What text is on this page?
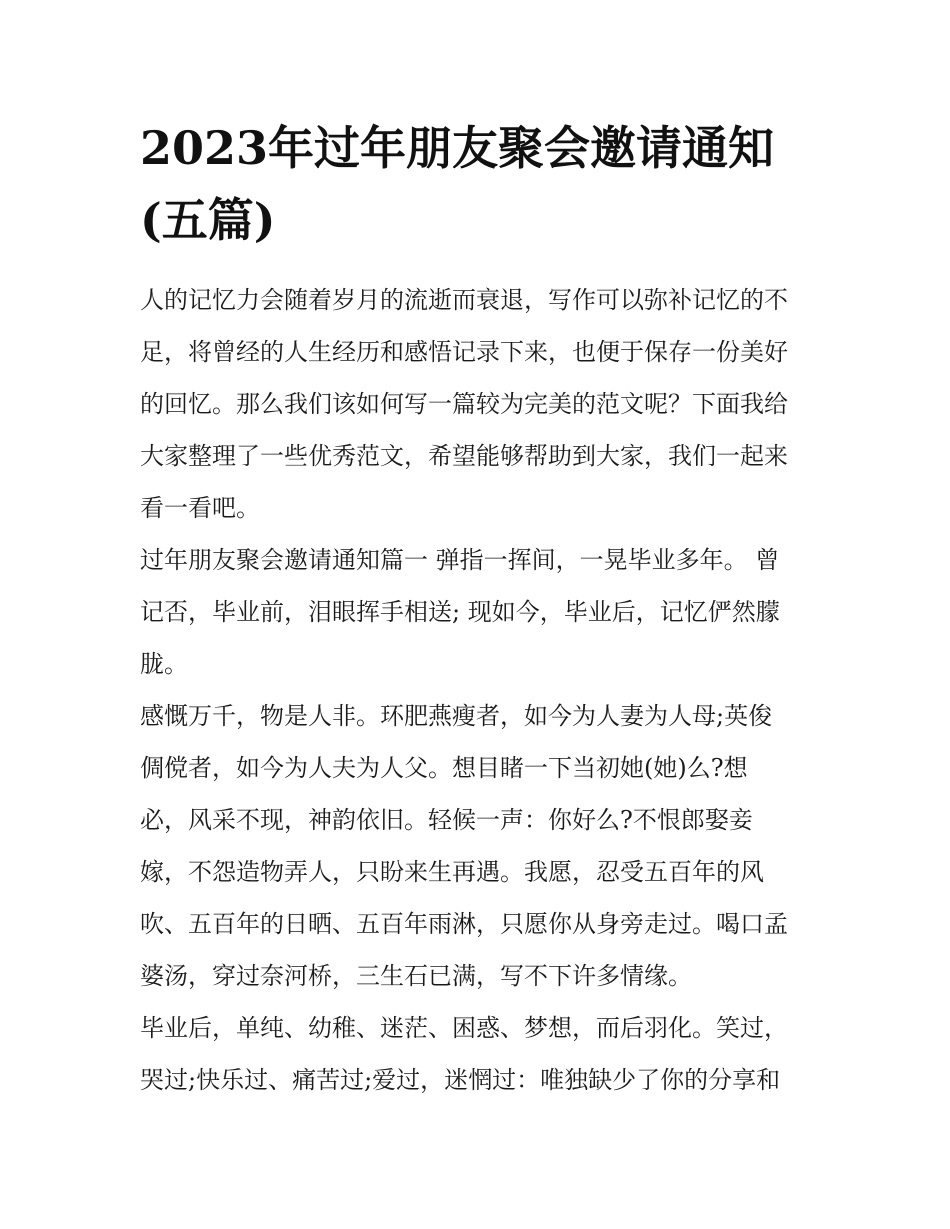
2023年过年朋友聚会邀请通知
(五篇)

人的记忆力会随着岁月的流逝而衰退，写作可以弥补记忆的不
足，将曾经的人生经历和感悟记录下来，也便于保存一份美好
的回忆。那么我们该如何写一篇较为完美的范文呢？下面我给
大家整理了一些优秀范文，希望能够帮助到大家，我们一起来
看一看吧。

过年朋友聚会邀请通知篇一 弹指一挥间，一晃毕业多年。 曾
记否，毕业前，泪眼挥手相送; 现如今，毕业后，记忆俨然朦
胧。

感慨万千，物是人非。环肥燕瘦者，如今为人妻为人母;英俊
倜傥者，如今为人夫为人父。想目睹一下当初她(她)么?想
必，风采不现，神韵依旧。轻候一声：你好么?不恨郎娶妾
嫁，不怨造物弄人，只盼来生再遇。我愿，忍受五百年的风
吹、五百年的日晒、五百年雨淋，只愿你从身旁走过。喝口孟
婆汤，穿过奈河桥，三生石已满，写不下许多情缘。

毕业后，单纯、幼稚、迷茫、困惑、梦想，而后羽化。笑过，
哭过;快乐过、痛苦过;爱过，迷惘过：唯独缺少了你的分享和
